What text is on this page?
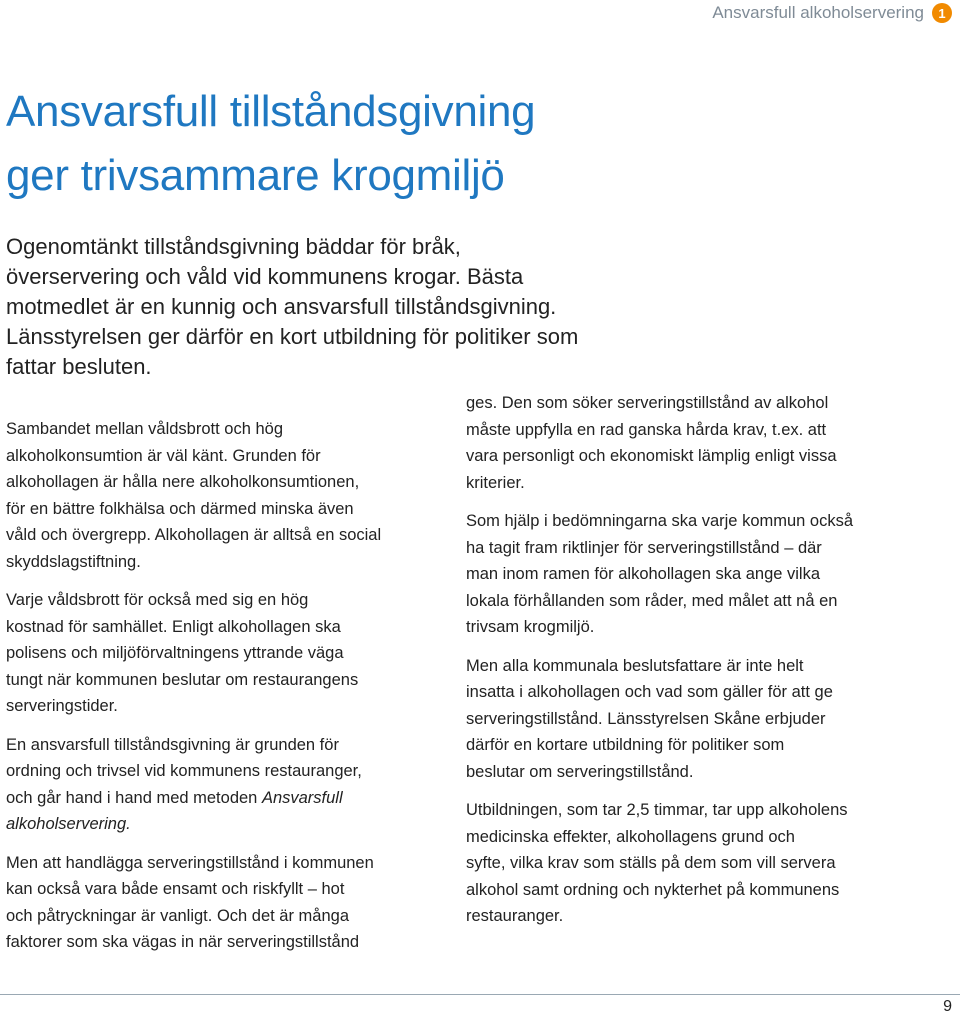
Ansvarsfull alkoholservering	1
Ansvarsfull tillståndsgivning
ger trivsammare krogmiljö

Ogenomtänkt tillståndsgivning bäddar för bråk,
överservering och våld vid kommunens krogar. Bästa
motmedlet är en kunnig och ansvarsfull tillståndsgivning.
Länsstyrelsen ger därför en kort utbildning för politiker som
fattar besluten.

Sambandet mellan våldsbrott och hög
alkoholkonsumtion är väl känt. Grunden för
alkohollagen är hålla nere alkoholkonsumtionen,
för en bättre folkhälsa och därmed minska även
våld och övergrepp. Alkohollagen är alltså en social
skyddslagstiftning.

Varje våldsbrott för också med sig en hög
kostnad för samhället. Enligt alkohollagen ska
polisens och miljöförvaltningens yttrande väga
tungt när kommunen beslutar om restaurangens
serveringstider.

En ansvarsfull tillståndsgivning är grunden för
ordning och trivsel vid kommunens restauranger,
och går hand i hand med metoden Ansvarsfull
alkoholservering.

Men att handlägga serveringstillstånd i kommunen
kan också vara både ensamt och riskfyllt – hot
och påtryckningar är vanligt. Och det är många
faktorer som ska vägas in när serveringstillstånd

ges. Den som söker serveringstillstånd av alkohol
måste uppfylla en rad ganska hårda krav, t.ex. att
vara personligt och ekonomiskt lämplig enligt vissa
kriterier.

Som hjälp i bedömningarna ska varje kommun också
ha tagit fram riktlinjer för serveringstillstånd – där
man inom ramen för alkohollagen ska ange vilka
lokala förhållanden som råder, med målet att nå en
trivsam krogmiljö.

Men alla kommunala beslutsfattare är inte helt
insatta i alkohollagen och vad som gäller för att ge
serveringstillstånd. Länsstyrelsen Skåne erbjuder
därför en kortare utbildning för politiker som
beslutar om serveringstillstånd.

Utbildningen, som tar 2,5 timmar, tar upp alkoholens
medicinska effekter, alkohollagens grund och
syfte, vilka krav som ställs på dem som vill servera
alkohol samt ordning och nykterhet på kommunens
restauranger.

9
